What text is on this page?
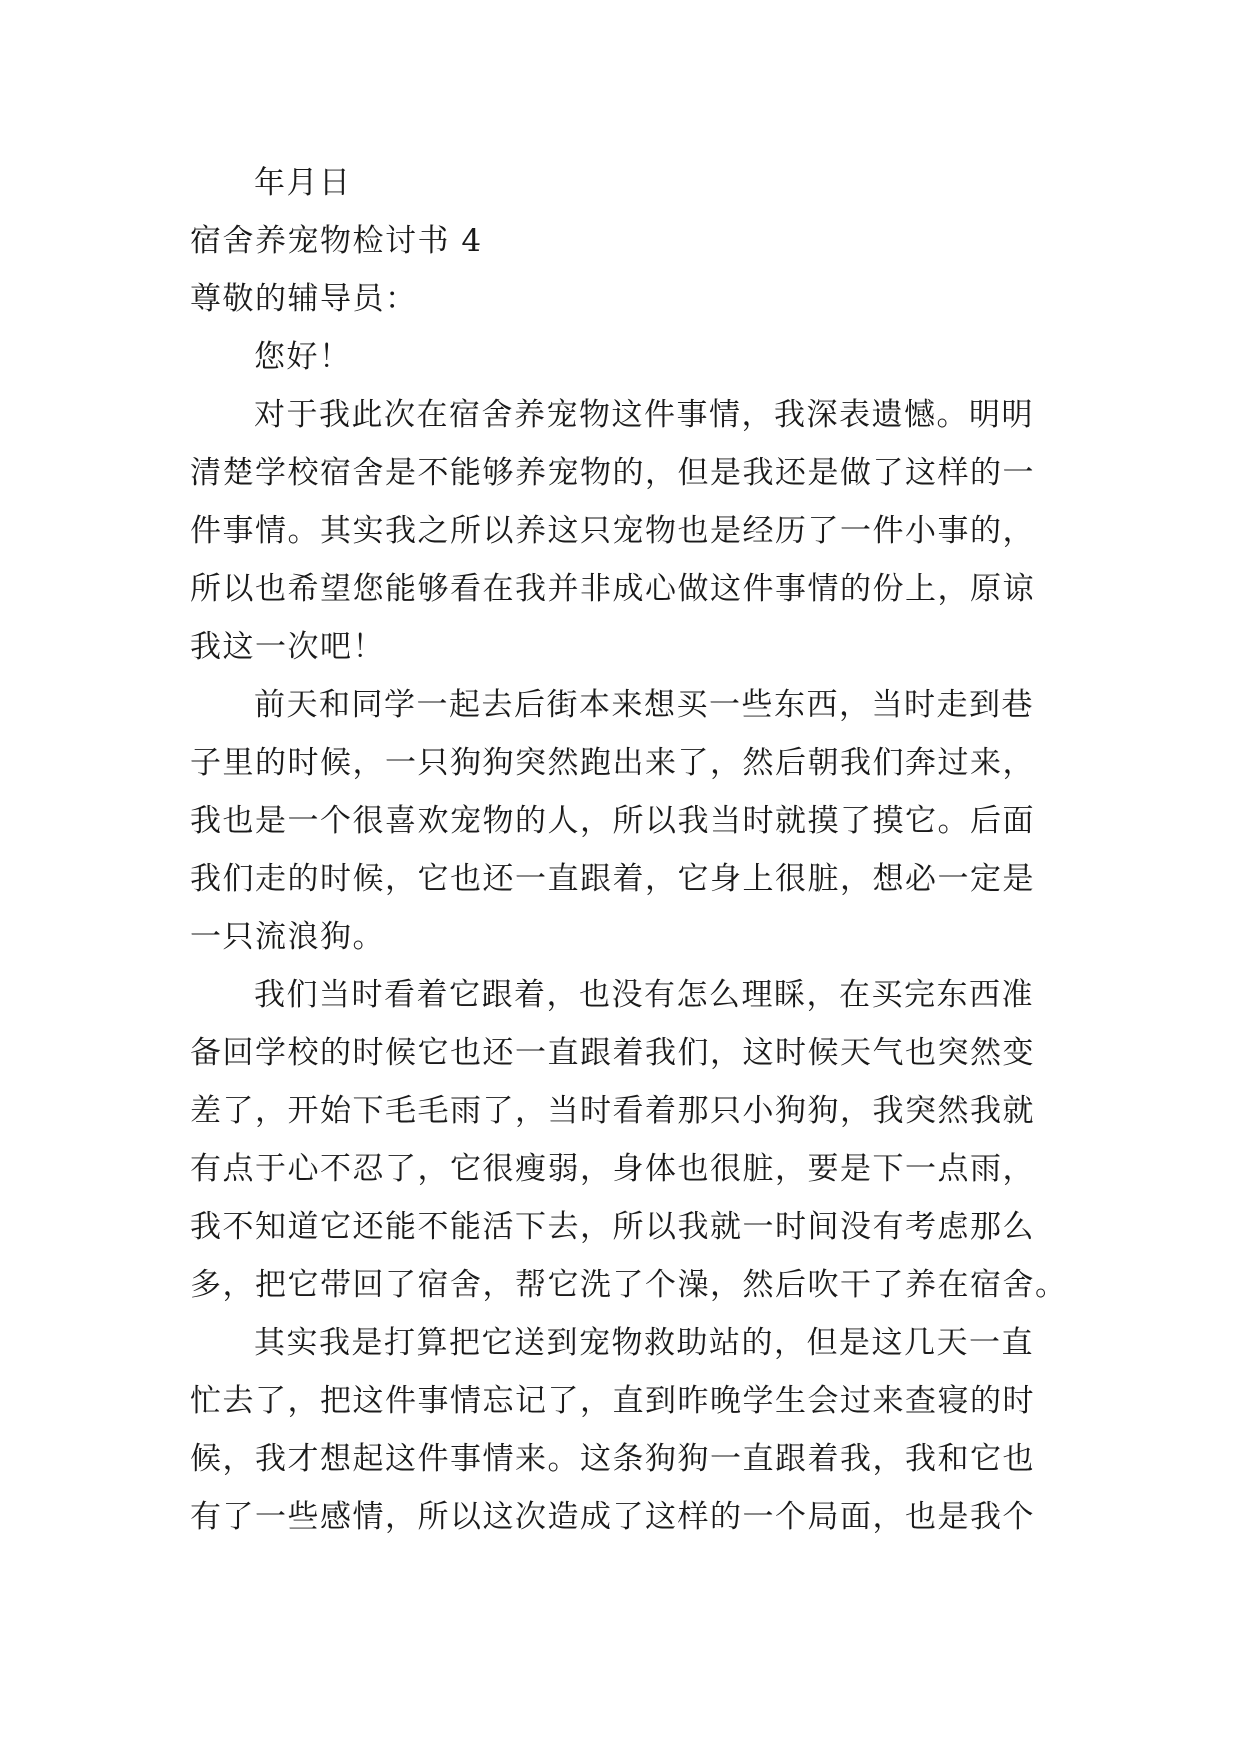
年月日
宿舍养宠物检讨书 4
尊敬的辅导员：
您好！
对于我此次在宿舍养宠物这件事情，我深表遗憾。明明
清楚学校宿舍是不能够养宠物的，但是我还是做了这样的一
件事情。其实我之所以养这只宠物也是经历了一件小事的，
所以也希望您能够看在我并非成心做这件事情的份上，原谅
我这一次吧！
前天和同学一起去后街本来想买一些东西，当时走到巷
子里的时候，一只狗狗突然跑出来了，然后朝我们奔过来，
我也是一个很喜欢宠物的人，所以我当时就摸了摸它。后面
我们走的时候，它也还一直跟着，它身上很脏，想必一定是
一只流浪狗。
我们当时看着它跟着，也没有怎么理睬，在买完东西准
备回学校的时候它也还一直跟着我们，这时候天气也突然变
差了，开始下毛毛雨了，当时看着那只小狗狗，我突然我就
有点于心不忍了，它很瘦弱，身体也很脏，要是下一点雨，
我不知道它还能不能活下去，所以我就一时间没有考虑那么
多，把它带回了宿舍，帮它洗了个澡，然后吹干了养在宿舍。
其实我是打算把它送到宠物救助站的，但是这几天一直
忙去了，把这件事情忘记了，直到昨晚学生会过来查寝的时
候，我才想起这件事情来。这条狗狗一直跟着我，我和它也
有了一些感情，所以这次造成了这样的一个局面，也是我个
